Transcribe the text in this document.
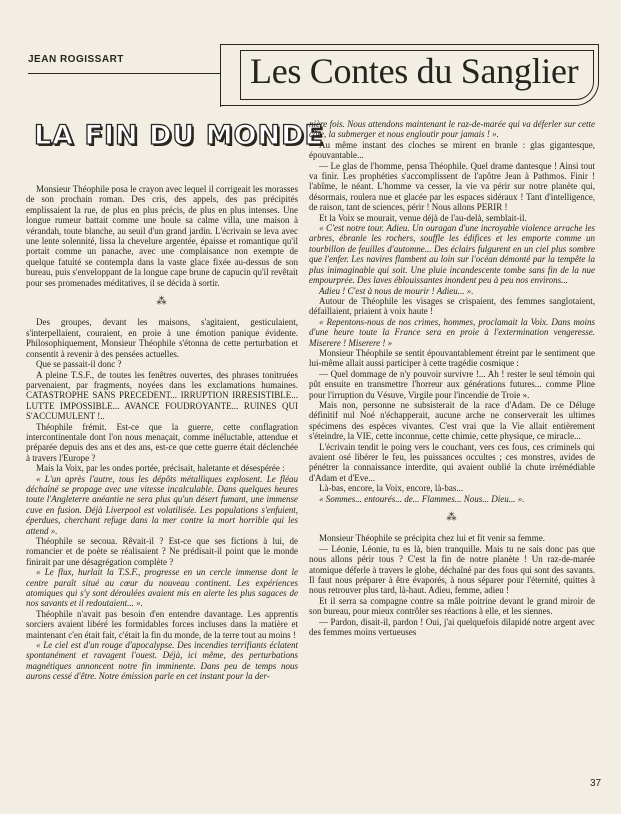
JEAN ROGISSART	Les Contes du Sanglier
LA FIN DU MONDE

Monsieur Théophile posa le crayon avec lequel il corrigeait les morasses de son prochain roman. Des cris, des appels, des pas précipités emplissaient la rue, de plus en plus précis, de plus en plus intenses. Une longue rumeur battait comme une houle sa calme villa, une maison à vérandah, toute blanche, au seuil d'un grand jardin. L'écrivain se leva avec une lente solennité, lissa la chevelure argentée, épaisse et romantique qu'il portait comme un panache, avec une complaisance non exempte de quelque fatuité se contempla dans la vaste glace fixée au-dessus de son bureau, puis s'enveloppant de la longue cape brune de capucin qu'il revêtait pour ses promenades méditatives, il se décida à sortir.

⁂

Des groupes, devant les maisons, s'agitaient, gesticulaient, s'interpellaient, couraient, en proie à une émotion panique évidente. Philosophiquement, Monsieur Théophile s'étonna de cette perturbation et consentit à revenir à des pensées actuelles.

Que se passait-il donc ?

A pleine T.S.F., de toutes les fenêtres ouvertes, des phrases tonitruées parvenaient, par fragments, noyées dans les exclamations humaines. CATASTROPHE SANS PRECEDENT... IRRUPTION IRRESISTIBLE... LUTTE IMPOSSIBLE... AVANCE FOUDROYANTE... RUINES QUI S'ACCUMULENT !..

Théophile frémit. Est-ce que la guerre, cette conflagration intercontinentale dont l'on nous menaçait, comme inéluctable, attendue et préparée depuis des ans et des ans, est-ce que cette guerre était déclenchée à travers l'Europe ?

Mais la Voix, par les ondes portée, précisait, haletante et désespérée :

« L'un après l'autre, tous les dépôts métalliques explosent. Le fléau déchaîné se propage avec une vitesse incalculable. Dans quelques heures toute l'Angleterre anéantie ne sera plus qu'un désert fumant, une immense cuve en fusion. Déjà Liverpool est volatilisée. Les populations s'enfuient, éperdues, cherchant refuge dans la mer contre la mort horrible qui les attend ».

Théophile se secoua. Rêvait-il ? Est-ce que ses fictions à lui, de romancier et de poète se réalisaient ? Ne prédisait-il point que le monde finirait par une désagrégation complète ?

« Le flux, hurlait la T.S.F., progresse en un cercle immense dont le centre paraît situé au cœur du nouveau continent. Les expériences atomiques qui s'y sont déroulées avaient mis en alerte les plus sagaces de nos savants et il redoutaient... ».

Théophile n'avait pas besoin d'en entendre davantage. Les apprentis sorciers avaient libéré les formidables forces incluses dans la matière et maintenant c'en était fait, c'était la fin du monde, de la terre tout au moins !

« Le ciel est d'un rouge d'apocalypse. Des incendies terrifiants éclatent spontanément et ravagent l'ouest. Déjà, ici même, des perturbations magnétiques annoncent notre fin imminente. Dans peu de temps nous aurons cessé d'être. Notre émission parle en cet instant pour la der-

nière fois. Nous attendons maintenant le raz-de-marée qui va déferler sur cette côte, la submerger et nous engloutir pour jamais ! ».

Au même instant des cloches se mirent en branle : glas gigantesque, épouvantable...

— Le glas de l'homme, pensa Théophile. Quel drame dantesque ! Ainsi tout va finir. Les prophéties s'accomplissent de l'apôtre Jean à Pathmos. Finir ! l'abîme, le néant. L'homme va cesser, la vie va périr sur notre planète qui, désormais, roulera nue et glacée par les espaces sidéraux ! Tant d'intelligence, de raison, tant de sciences, périr ! Nous allons PERIR !

Et la Voix se mourait, venue déjà de l'au-delà, semblait-il.

« C'est notre tour. Adieu. Un ouragan d'une incroyable violence arrache les arbres, ébranle les rochers, souffle les édifices et les emporte comme un tourbillon de feuilles d'automne... Des éclairs fulgurent en un ciel plus sombre que l'enfer. Les navires flambent au loin sur l'océan démonté par la tempête la plus inimaginable qui soit. Une pluie incandescente tombe sans fin de la nue empourprée. Des laves éblouissantes inondent peu à peu nos environs...

Adieu ! C'est à nous de mourir ! Adieu... ».

Autour de Théophile les visages se crispaient, des femmes sanglotaient, défaillaient, priaient à voix haute !

« Repentons-nous de nos crimes, hommes, proclamait la Voix. Dans moins d'une heure toute la France sera en proie à l'extermination vengeresse. Miserere ! Miserere ! »

Monsieur Théophile se sentit épouvantablement étreint par le sentiment que lui-même allait aussi participer à cette tragédie cosmique :

— Quel dommage de n'y pouvoir survivre !... Ah ! rester le seul témoin qui pût ensuite en transmettre l'horreur aux générations futures... comme Pline pour l'irruption du Vésuve, Virgile pour l'incendie de Troie ».

Mais non, personne ne subsisterait de la race d'Adam. De ce Déluge définitif nul Noé n'échapperait, aucune arche ne conserverait les ultimes spécimens des espèces vivantes. C'est vrai que la Vie allait entièrement s'éteindre, la VIE, cette inconnue, cette chimie, cette physique, ce miracle...

L'écrivain tendit le poing vers le couchant, vers ces fous, ces criminels qui avaient osé libérer le feu, les puissances occultes ; ces monstres, avides de pénétrer la connaissance interdite, qui avaient oublié la chute irrémédiable d'Adam et d'Eve...

Là-bas, encore, la Voix, encore, là-bas...

« Sommes... entourés... de... Flammes... Nous... Dieu... ».

⁂

Monsieur Théophile se précipita chez lui et fit venir sa femme.

— Léonie, Léonie, tu es là, bien tranquille. Mais tu ne sais donc pas que nous allons périr tous ? C'est la fin de notre planète ! Un raz-de-marée atomique déferle à travers le globe, déchaîné par des fous qui sont des savants. Il faut nous préparer à être évaporés, à nous séparer pour l'éternité, quittes à nous retrouver plus tard, là-haut. Adieu, femme, adieu !

Et il serra sa compagne contre sa mâle poitrine devant le grand miroir de son bureau, pour mieux contrôler ses réactions à elle, et les siennes.

— Pardon, disait-il, pardon ! Oui, j'ai quelquefois dilapidé notre argent avec des femmes moins vertueuses

37
